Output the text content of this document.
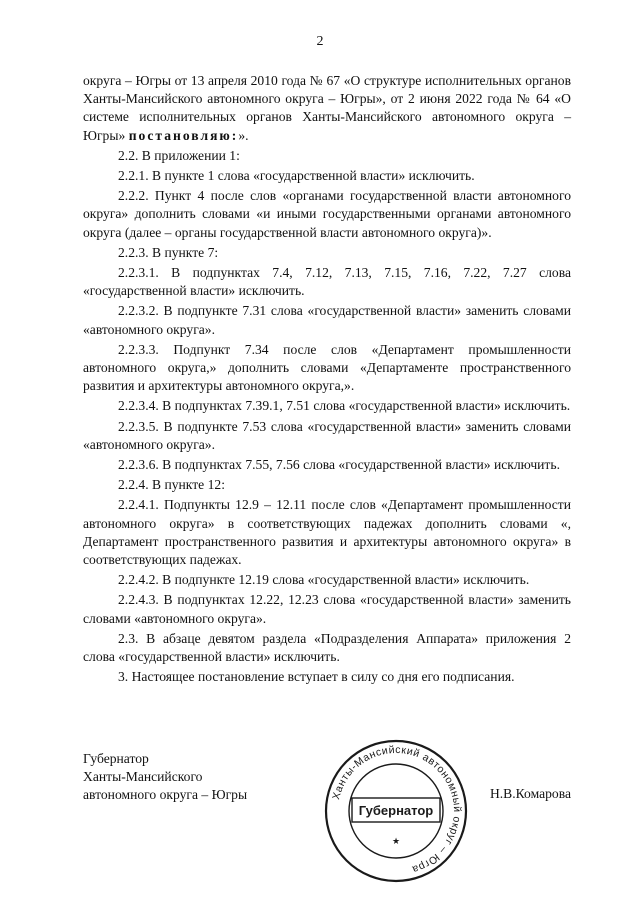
2

округа – Югры от 13 апреля 2010 года № 67 «О структуре исполнительных органов Ханты-Мансийского автономного округа – Югры», от 2 июня 2022 года № 64 «О системе исполнительных органов Ханты-Мансийского автономного округа – Югры» постановляю:».

2.2. В приложении 1:

2.2.1. В пункте 1 слова «государственной власти» исключить.

2.2.2. Пункт 4 после слов «органами государственной власти автономного округа» дополнить словами «и иными государственными органами автономного округа (далее – органы государственной власти автономного округа)».

2.2.3. В пункте 7:

2.2.3.1. В подпунктах 7.4, 7.12, 7.13, 7.15, 7.16, 7.22, 7.27 слова «государственной власти» исключить.

2.2.3.2. В подпункте 7.31 слова «государственной власти» заменить словами «автономного округа».

2.2.3.3. Подпункт 7.34 после слов «Департамент промышленности автономного округа,» дополнить словами «Департаменте пространственного развития и архитектуры автономного округа,».

2.2.3.4. В подпунктах 7.39.1, 7.51 слова «государственной власти» исключить.

2.2.3.5. В подпункте 7.53 слова «государственной власти» заменить словами «автономного округа».

2.2.3.6. В подпунктах 7.55, 7.56 слова «государственной власти» исключить.

2.2.4. В пункте 12:

2.2.4.1. Подпункты 12.9 – 12.11 после слов «Департамент промышленности автономного округа» в соответствующих падежах дополнить словами «, Департамент пространственного развития и архитектуры автономного округа» в соответствующих падежах.

2.2.4.2. В подпункте 12.19 слова «государственной власти» исключить.

2.2.4.3. В подпунктах 12.22, 12.23 слова «государственной власти» заменить словами «автономного округа».

2.3. В абзаце девятом раздела «Подразделения Аппарата» приложения 2 слова «государственной власти» исключить.

3. Настоящее постановление вступает в силу со дня его подписания.

Губернатор
Ханты-Мансийского
автономного округа – Югры	Ханты-Мансийский автономный округ – Югра
Губернатор
★
Н.В.Комарова
